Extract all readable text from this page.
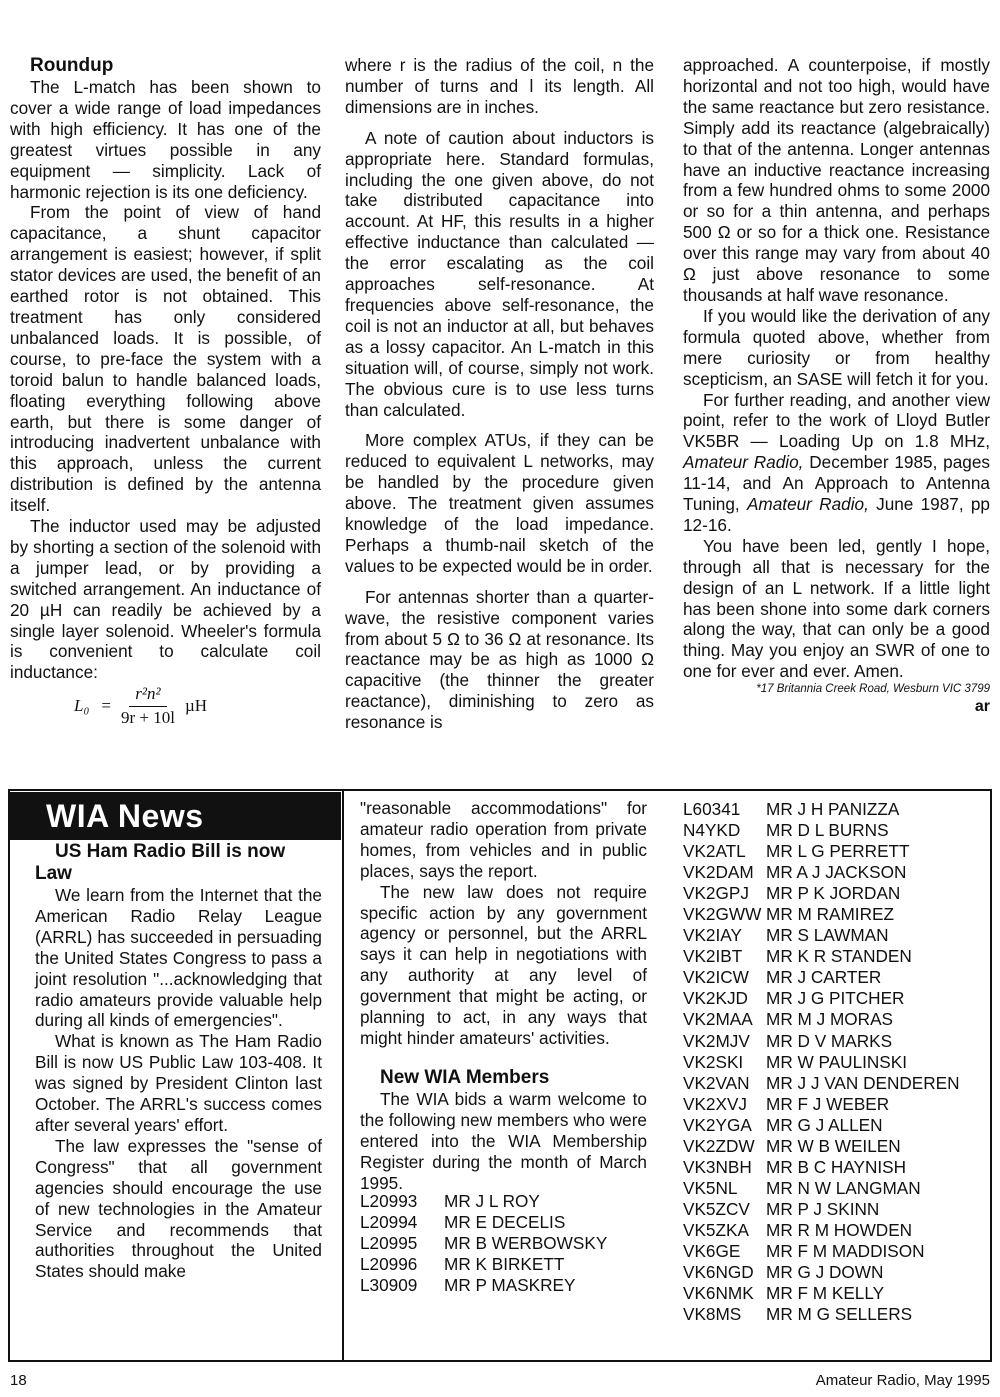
Roundup

The L-match has been shown to cover a wide range of load impedances with high efficiency. It has one of the greatest virtues possible in any equipment — simplicity. Lack of harmonic rejection is its one deficiency.

From the point of view of hand capacitance, a shunt capacitor arrangement is easiest; however, if split stator devices are used, the benefit of an earthed rotor is not obtained. This treatment has only considered unbalanced loads. It is possible, of course, to pre-face the system with a toroid balun to handle balanced loads, floating everything following above earth, but there is some danger of introducing inadvertent unbalance with this approach, unless the current distribution is defined by the antenna itself.

The inductor used may be adjusted by shorting a section of the solenoid with a jumper lead, or by providing a switched arrangement. An inductance of 20 µH can readily be achieved by a single layer solenoid. Wheeler's formula is convenient to calculate coil inductance:

$L_0 = \frac{\text{r²n²}}{9r + 10l}$ µH

where r is the radius of the coil, n the number of turns and l its length. All dimensions are in inches.

A note of caution about inductors is appropriate here. Standard formulas, including the one given above, do not take distributed capacitance into account. At HF, this results in a higher effective inductance than calculated — the error escalating as the coil approaches self-resonance. At frequencies above self-resonance, the coil is not an inductor at all, but behaves as a lossy capacitor. An L-match in this situation will, of course, simply not work. The obvious cure is to use less turns than calculated.

More complex ATUs, if they can be reduced to equivalent L networks, may be handled by the procedure given above. The treatment given assumes knowledge of the load impedance. Perhaps a thumb-nail sketch of the values to be expected would be in order.

For antennas shorter than a quarter-wave, the resistive component varies from about 5 Ω to 36 Ω at resonance. Its reactance may be as high as 1000 Ω capacitive (the thinner the greater reactance), diminishing to zero as resonance is

approached. A counterpoise, if mostly horizontal and not too high, would have the same reactance but zero resistance. Simply add its reactance (algebraically) to that of the antenna. Longer antennas have an inductive reactance increasing from a few hundred ohms to some 2000 or so for a thin antenna, and perhaps 500 Ω or so for a thick one. Resistance over this range may vary from about 40 Ω just above resonance to some thousands at half wave resonance.

If you would like the derivation of any formula quoted above, whether from mere curiosity or from healthy scepticism, an SASE will fetch it for you.

For further reading, and another view point, refer to the work of Lloyd Butler VK5BR — Loading Up on 1.8 MHz, Amateur Radio, December 1985, pages 11-14, and An Approach to Antenna Tuning, Amateur Radio, June 1987, pp 12-16.

You have been led, gently I hope, through all that is necessary for the design of an L network. If a little light has been shone into some dark corners along the way, that can only be a good thing. May you enjoy an SWR of one to one for ever and ever. Amen.

*17 Britannia Creek Road, Wesburn VIC 3799

ar

WIA News

US Ham Radio Bill is now Law

We learn from the Internet that the American Radio Relay League (ARRL) has succeeded in persuading the United States Congress to pass a joint resolution "...acknowledging that radio amateurs provide valuable help during all kinds of emergencies".

What is known as The Ham Radio Bill is now US Public Law 103-408. It was signed by President Clinton last October. The ARRL's success comes after several years' effort.

The law expresses the "sense of Congress" that all government agencies should encourage the use of new technologies in the Amateur Service and recommends that authorities throughout the United States should make

"reasonable accommodations" for amateur radio operation from private homes, from vehicles and in public places, says the report.

The new law does not require specific action by any government agency or personnel, but the ARRL says it can help in negotiations with any authority at any level of government that might be acting, or planning to act, in any ways that might hinder amateurs' activities.

New WIA Members

The WIA bids a warm welcome to the following new members who were entered into the WIA Membership Register during the month of March 1995.

L20993	MR J L ROY
L20994	MR E DECELIS
L20995	MR B WERBOWSKY
L20996	MR K BIRKETT
L30909	MR P MASKREY
L60341	MR J H PANIZZA
N4YKD	MR D L BURNS
VK2ATL	MR L G PERRETT
VK2DAM MR A J JACKSON
VK2GPJ MR P K JORDAN
VK2GWW MR M RAMIREZ
VK2IAY	MR S LAWMAN
VK2IBT	MR K R STANDEN
VK2ICW MR J CARTER
VK2KJD	MR J G PITCHER
VK2MAA MR M J MORAS
VK2MJV MR D V MARKS
VK2SKI	MR W PAULINSKI
VK2VAN MR J J VAN DENDEREN
VK2XVJ	MR F J WEBER
VK2YGA MR G J ALLEN
VK2ZDW MR W B WEILEN
VK3NBH MR B C HAYNISH
VK5NL	MR N W LANGMAN
VK5ZCV MR P J SKINN
VK5ZKA MR R M HOWDEN
VK6GE	MR F M MADDISON
VK6NGD MR G J DOWN
VK6NMK MR F M KELLY
VK8MS	MR M G SELLERS
18	Amateur Radio, May 1995
